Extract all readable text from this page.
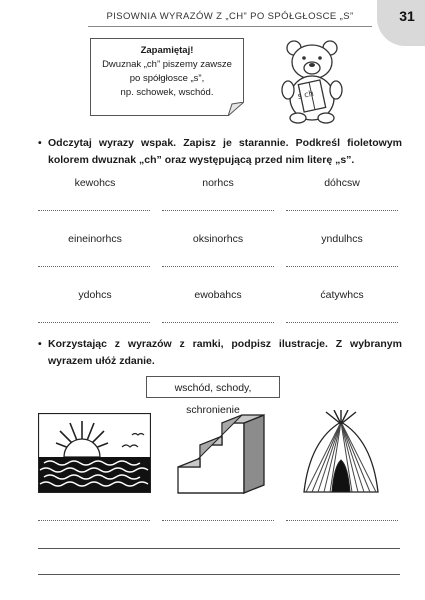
PISOWNIA WYRAZÓW Z „CH” PO SPÓŁGŁOSCE „S”	31
Zapamiętaj!
Dwuznak „ch” piszemy zawsze
po spółgłosce „s”,
np. schowek, wschód.	s ch
• Odczytaj wyrazy wspak. Zapisz je starannie. Podkreśl fioletowym kolorem dwuznak „ch” oraz występującą przed nim literę „s”.
kewohcs	norhcs	dóhcsw
eineinorhcs	oksinorhcs	yndulhcs
ydohcs	ewobahcs	ćatywhcs
• Korzystając z wyrazów z ramki, podpisz ilustracje. Z wybranym wyrazem ułóż zdanie.
wschód, schody, schronienie
